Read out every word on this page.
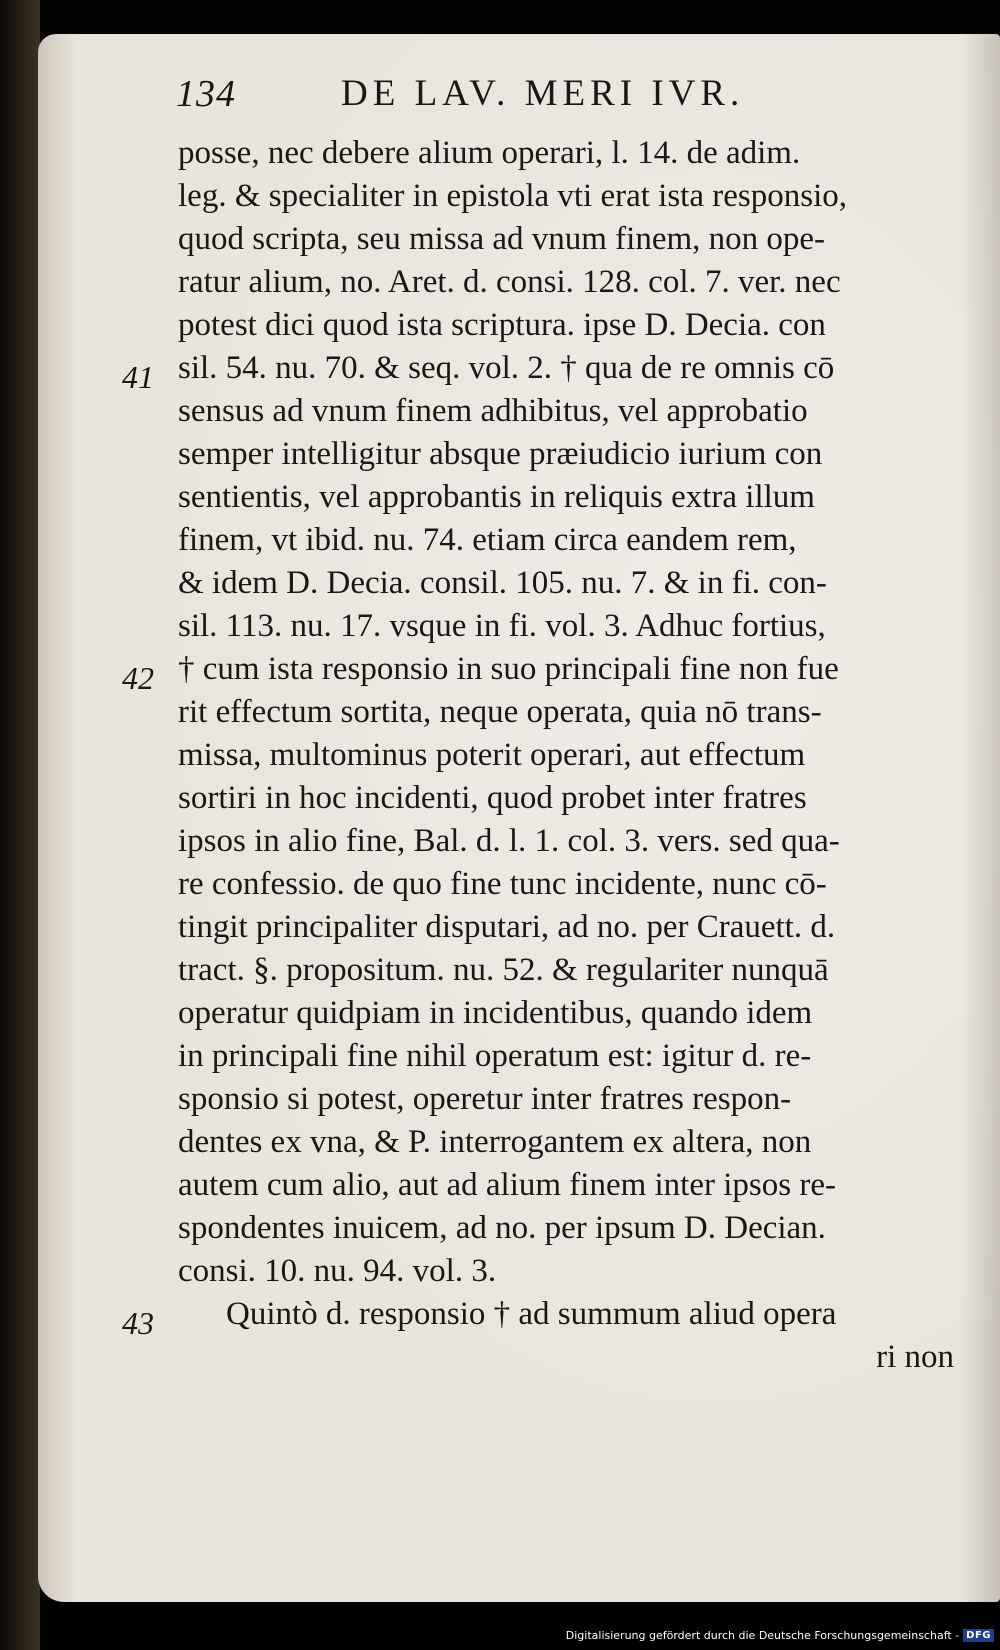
134	DE LAV. MERI IVR.
41
42
43
posse, nec debere alium operari, l. 14. de adim.
leg. & specialiter in epistola vti erat ista responsio,
quod scripta, seu missa ad vnum finem, non ope-
ratur alium, no. Aret. d. consi. 128. col. 7. ver. nec
potest dici quod ista scriptura. ipse D. Decia. con
sil. 54. nu. 70. & seq. vol. 2. † qua de re omnis cō
sensus ad vnum finem adhibitus, vel approbatio
semper intelligitur absque præiudicio iurium con
sentientis, vel approbantis in reliquis extra illum
finem, vt ibid. nu. 74. etiam circa eandem rem,
& idem D. Decia. consil. 105. nu. 7. & in fi. con-
sil. 113. nu. 17. vsque in fi. vol. 3. Adhuc fortius,
† cum ista responsio in suo principali fine non fue
rit effectum sortita, neque operata, quia nō trans-
missa, multominus poterit operari, aut effectum
sortiri in hoc incidenti, quod probet inter fratres
ipsos in alio fine, Bal. d. l. 1. col. 3. vers. sed qua-
re confessio. de quo fine tunc incidente, nunc cō-
tingit principaliter disputari, ad no. per Crauett. d.
tract. §. propositum. nu. 52. & regulariter nunquā
operatur quidpiam in incidentibus, quando idem
in principali fine nihil operatum est: igitur d. re-
sponsio si potest, operetur inter fratres respon-
dentes ex vna, & P. interrogantem ex altera, non
autem cum alio, aut ad alium finem inter ipsos re-
spondentes inuicem, ad no. per ipsum D. Decian.
consi. 10. nu. 94. vol. 3.
Quintò d. responsio † ad summum aliud opera
ri non
Digitalisierung gefördert durch die Deutsche Forschungsgemeinschaft - DFG
